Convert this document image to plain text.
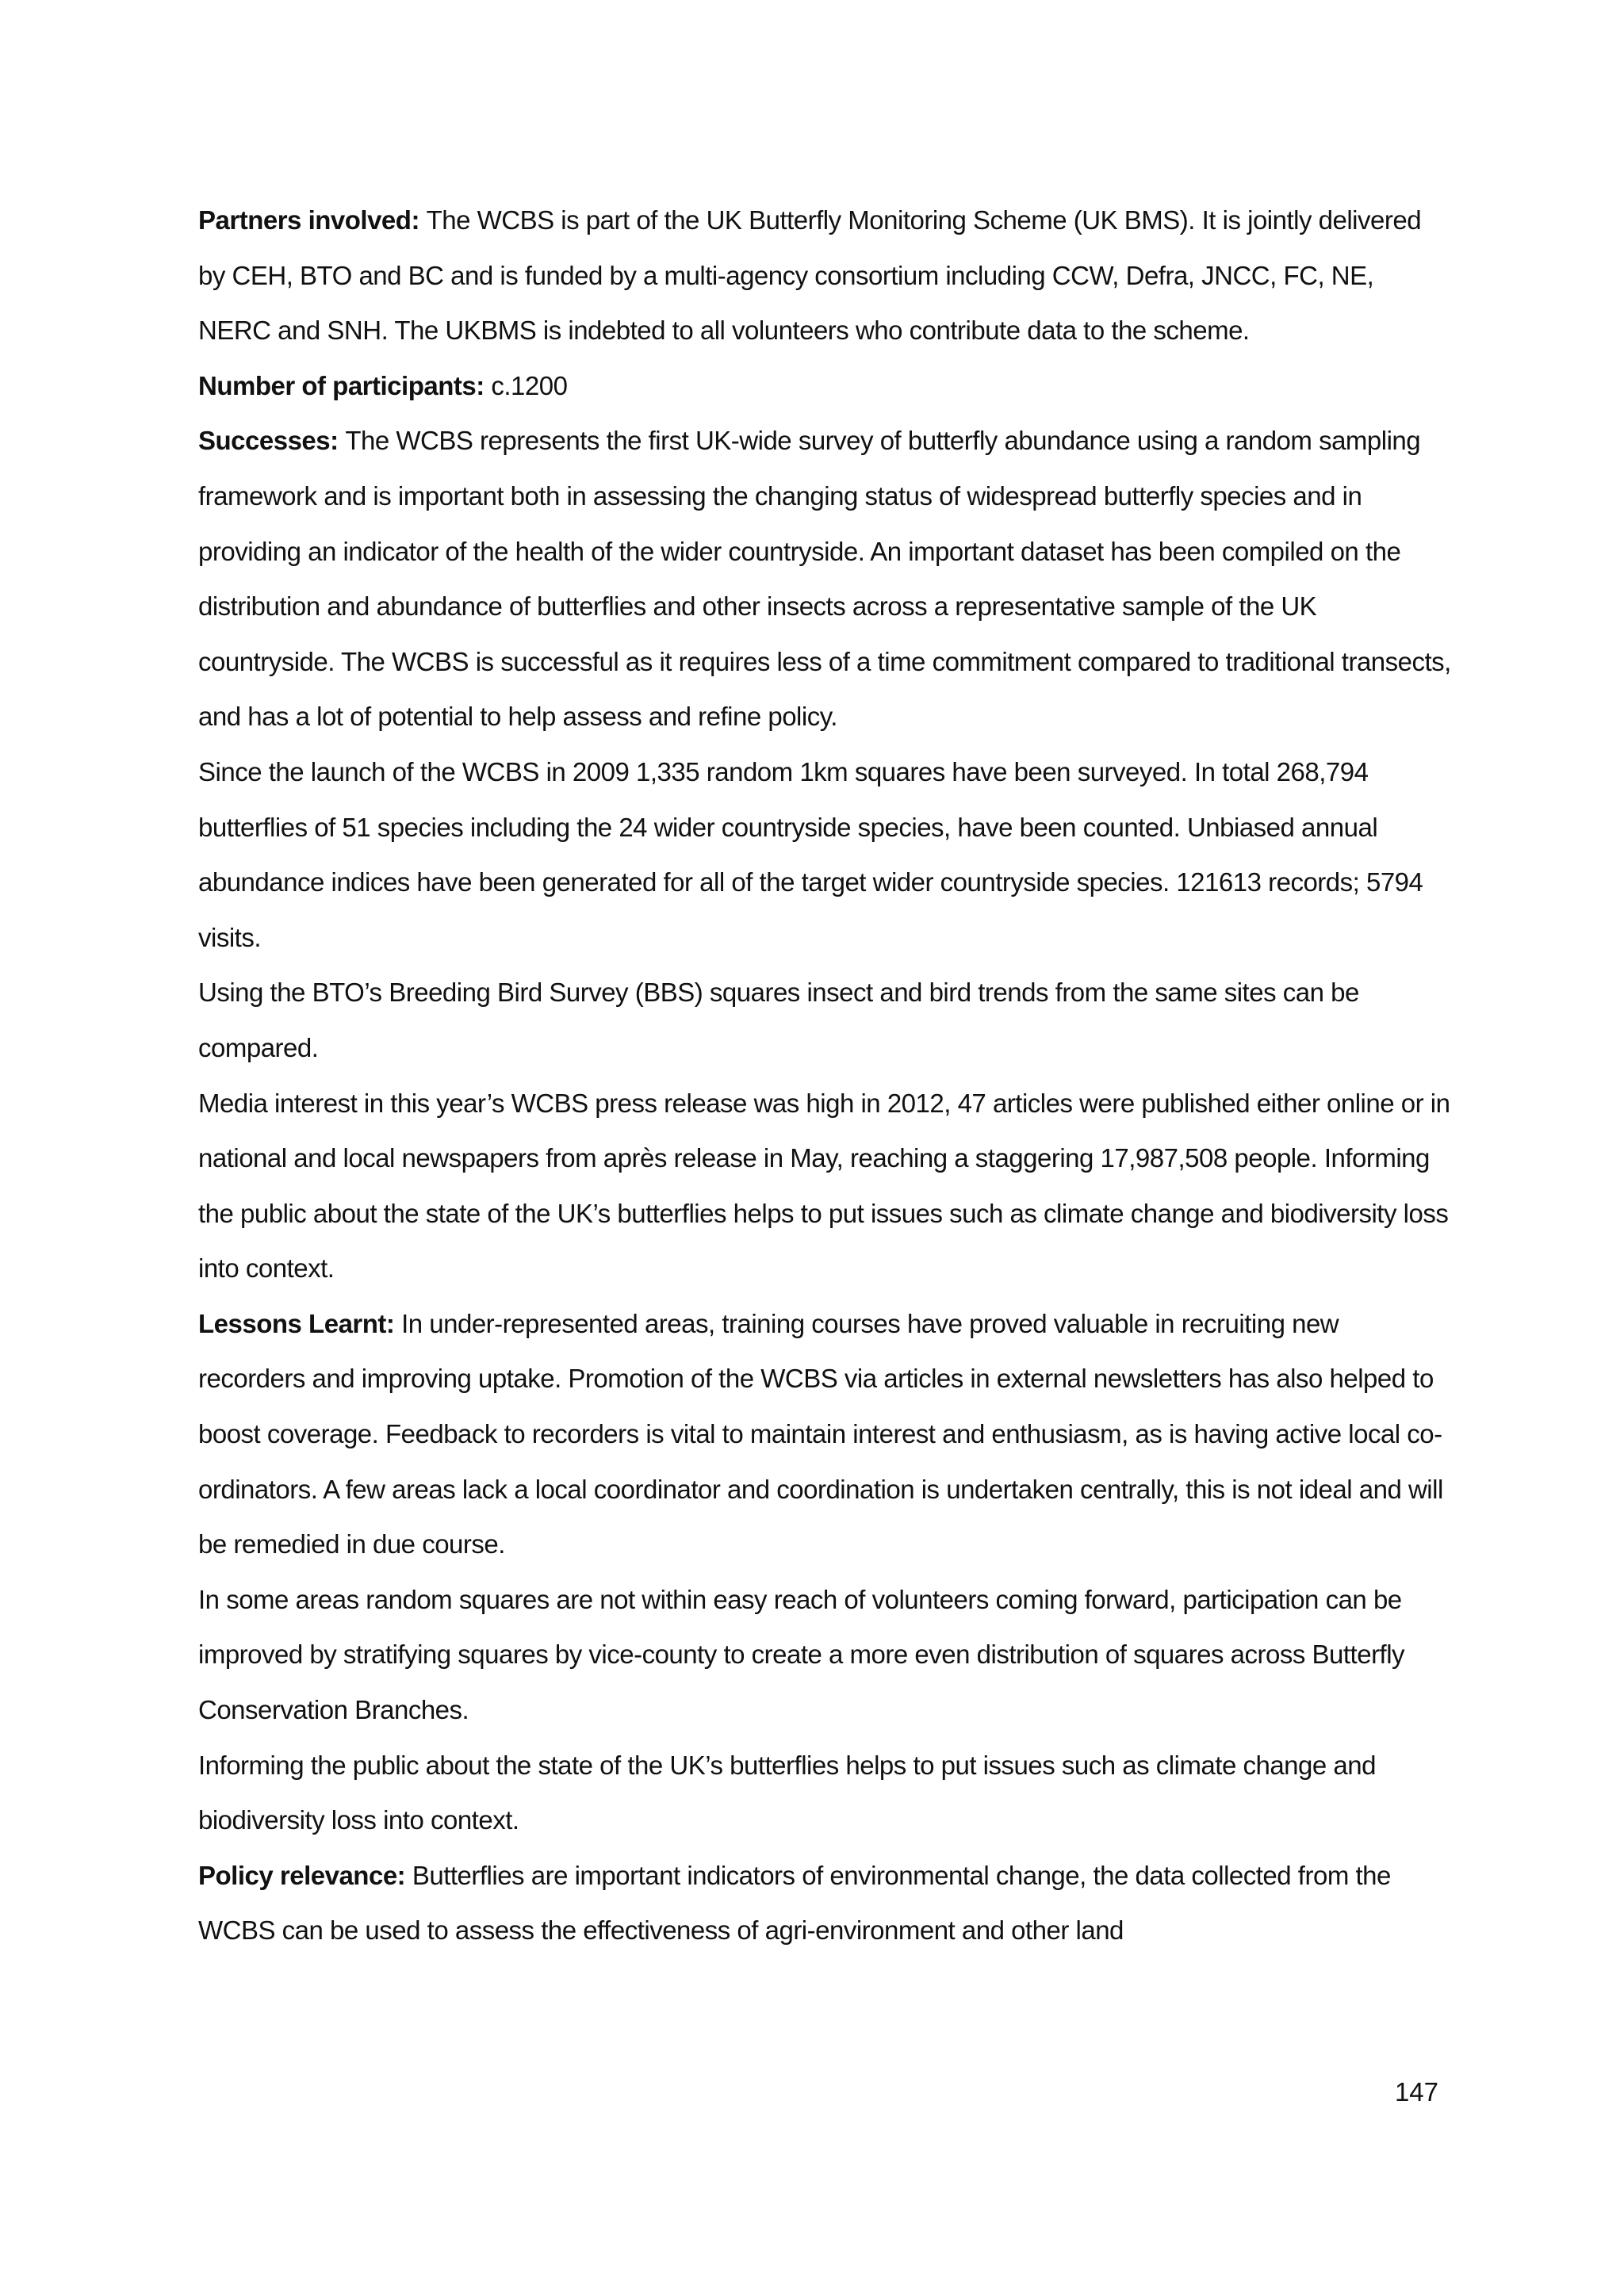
Partners involved: The WCBS is part of the UK Butterfly Monitoring Scheme (UK BMS). It is jointly delivered by CEH, BTO and BC and is funded by a multi-agency consortium including CCW, Defra, JNCC, FC, NE, NERC and SNH. The UKBMS is indebted to all volunteers who contribute data to the scheme.

Number of participants: c.1200

Successes: The WCBS represents the first UK-wide survey of butterfly abundance using a random sampling framework and is important both in assessing the changing status of widespread butterfly species and in providing an indicator of the health of the wider countryside. An important dataset has been compiled on the distribution and abundance of butterflies and other insects across a representative sample of the UK countryside. The WCBS is successful as it requires less of a time commitment compared to traditional transects, and has a lot of potential to help assess and refine policy.

Since the launch of the WCBS in 2009 1,335 random 1km squares have been surveyed. In total 268,794 butterflies of 51 species including the 24 wider countryside species, have been counted. Unbiased annual abundance indices have been generated for all of the target wider countryside species. 121613 records; 5794 visits.

Using the BTO’s Breeding Bird Survey (BBS) squares insect and bird trends from the same sites can be compared.

Media interest in this year’s WCBS press release was high in 2012, 47 articles were published either online or in national and local newspapers from après release in May, reaching a staggering 17,987,508 people. Informing the public about the state of the UK’s butterflies helps to put issues such as climate change and biodiversity loss into context.

Lessons Learnt: In under-represented areas, training courses have proved valuable in recruiting new recorders and improving uptake. Promotion of the WCBS via articles in external newsletters has also helped to boost coverage. Feedback to recorders is vital to maintain interest and enthusiasm, as is having active local co-ordinators. A few areas lack a local coordinator and coordination is undertaken centrally, this is not ideal and will be remedied in due course.

In some areas random squares are not within easy reach of volunteers coming forward, participation can be improved by stratifying squares by vice-county to create a more even distribution of squares across Butterfly Conservation Branches.

Informing the public about the state of the UK’s butterflies helps to put issues such as climate change and biodiversity loss into context.

Policy relevance: Butterflies are important indicators of environmental change, the data collected from the WCBS can be used to assess the effectiveness of agri-environment and other land

147
